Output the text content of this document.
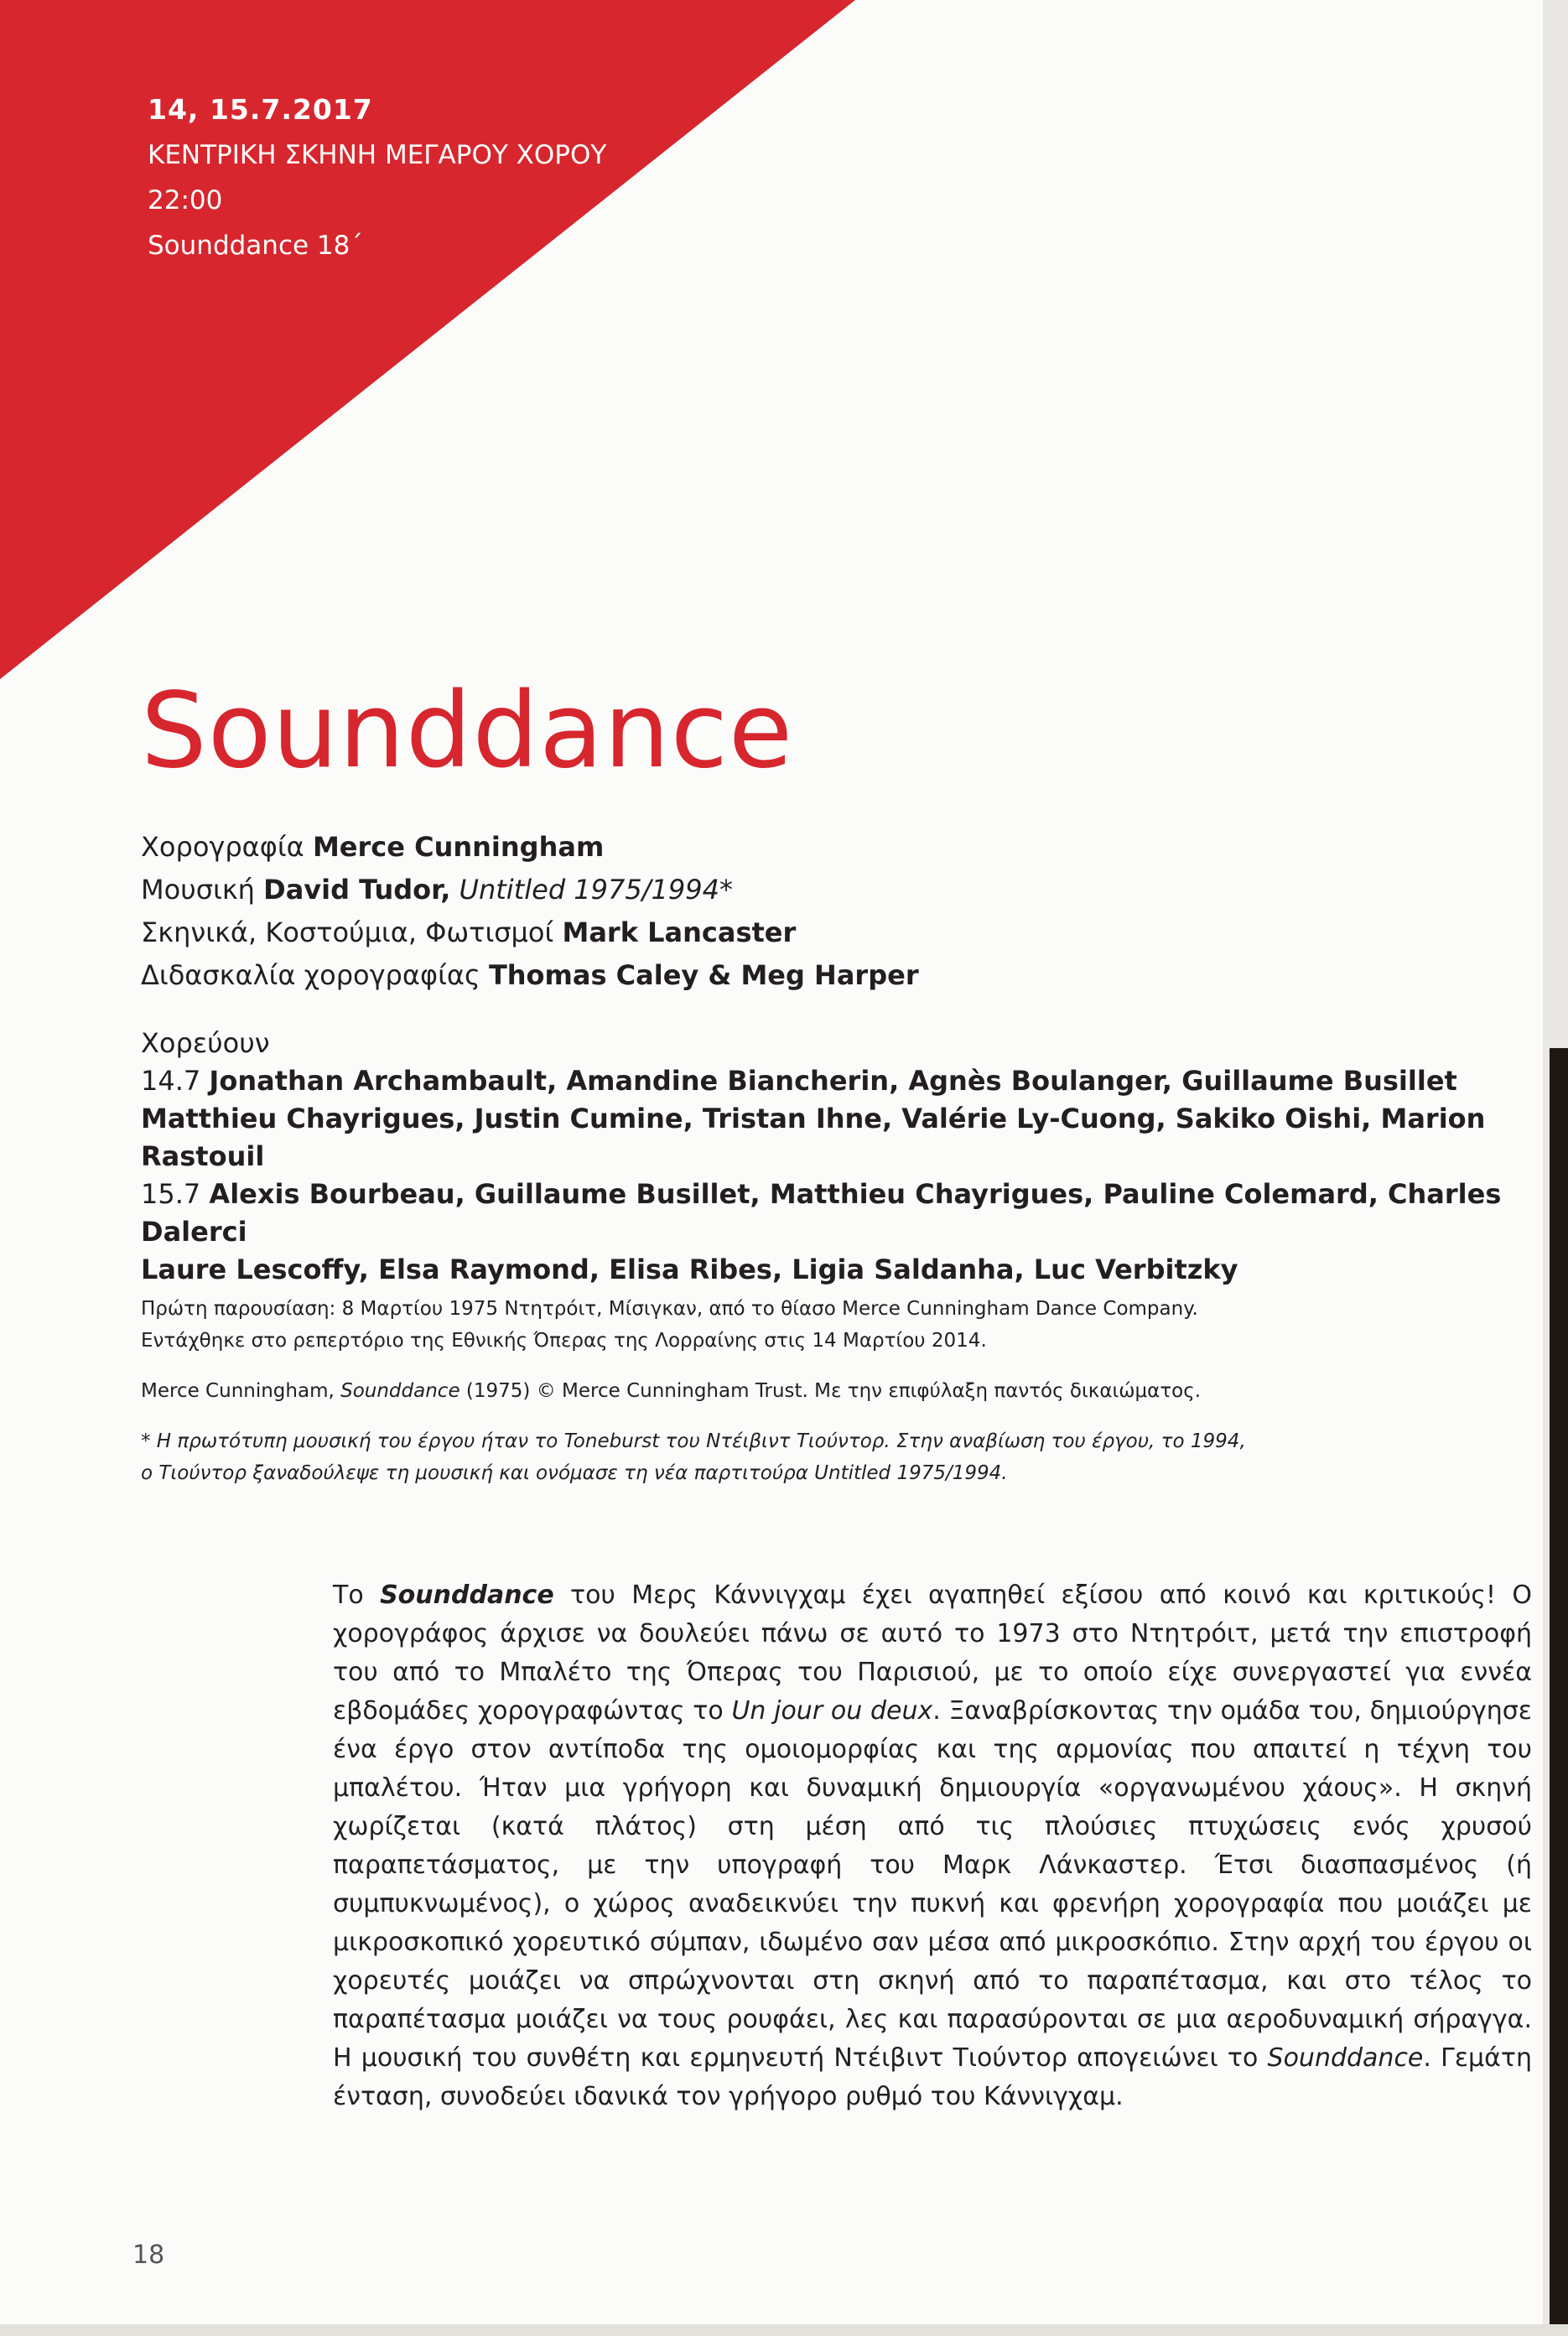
14, 15.7.2017
ΚΕΝΤΡΙΚΗ ΣΚΗΝΗ ΜΕΓΑΡΟΥ ΧΟΡΟΥ
22:00
Sounddance 18΄
Sounddance
Χορογραφία Merce Cunningham
Μουσική David Tudor, Untitled 1975/1994*
Σκηνικά, Κοστούμια, Φωτισμοί Mark Lancaster
Διδασκαλία χορογραφίας Thomas Caley & Meg Harper
Χορεύουν
14.7 Jonathan Archambault, Amandine Biancherin, Agnès Boulanger, Guillaume Busillet
Matthieu Chayrigues, Justin Cumine, Tristan Ihne, Valérie Ly-Cuong, Sakiko Oishi, Marion Rastouil
15.7 Alexis Bourbeau, Guillaume Busillet, Matthieu Chayrigues, Pauline Colemard, Charles Dalerci
Laure Lescoffy, Elsa Raymond, Elisa Ribes, Ligia Saldanha, Luc Verbitzky

Πρώτη παρουσίαση: 8 Μαρτίου 1975 Ντητρόιτ, Μίσιγκαν, από το θίασο Merce Cunningham Dance Company.

Εντάχθηκε στο ρεπερτόριο της Εθνικής Όπερας της Λορραίνης στις 14 Μαρτίου 2014.

Merce Cunningham, Sounddance (1975) © Merce Cunningham Trust. Με την επιφύλαξη παντός δικαιώματος.

* Η πρωτότυπη μουσική του έργου ήταν το Toneburst του Ντέιβιντ Τιούντορ. Στην αναβίωση του έργου, το 1994,

ο Τιούντορ ξαναδούλεψε τη μουσική και ονόμασε τη νέα παρτιτούρα Untitled 1975/1994.

Το Sounddance του Μερς Κάννιγχαμ έχει αγαπηθεί εξίσου από κοινό και κριτικούς! Ο χορογράφος άρχισε να δουλεύει πάνω σε αυτό το 1973 στο Ντητρόιτ, μετά την επιστροφή του από το Μπαλέτο της Όπερας του Παρισιού, με το οποίο είχε συνεργαστεί για εννέα εβδομάδες χορογραφώντας το Un jour ou deux. Ξαναβρίσκοντας την ομάδα του, δημιούργησε ένα έργο στον αντίποδα της ομοιομορφίας και της αρμονίας που απαιτεί η τέχνη του μπαλέτου. Ήταν μια γρήγορη και δυναμική δημιουργία «οργανωμένου χάους». Η σκηνή χωρίζεται (κατά πλάτος) στη μέση από τις πλούσιες πτυχώσεις ενός χρυσού παραπετάσματος, με την υπογραφή του Μαρκ Λάνκαστερ. Έτσι διασπασμένος (ή συμπυκνωμένος), ο χώρος αναδεικνύει την πυκνή και φρενήρη χορογραφία που μοιάζει με μικροσκοπικό χορευτικό σύμπαν, ιδωμένο σαν μέσα από μικροσκόπιο. Στην αρχή του έργου οι χορευτές μοιάζει να σπρώχνονται στη σκηνή από το παραπέτασμα, και στο τέλος το παραπέτασμα μοιάζει να τους ρουφάει, λες και παρασύρονται σε μια αεροδυναμική σήραγγα. Η μουσική του συνθέτη και ερμηνευτή Ντέιβιντ Τιούντορ απογειώνει το Sounddance. Γεμάτη ένταση, συνοδεύει ιδανικά τον γρήγορο ρυθμό του Κάννιγχαμ.

18
